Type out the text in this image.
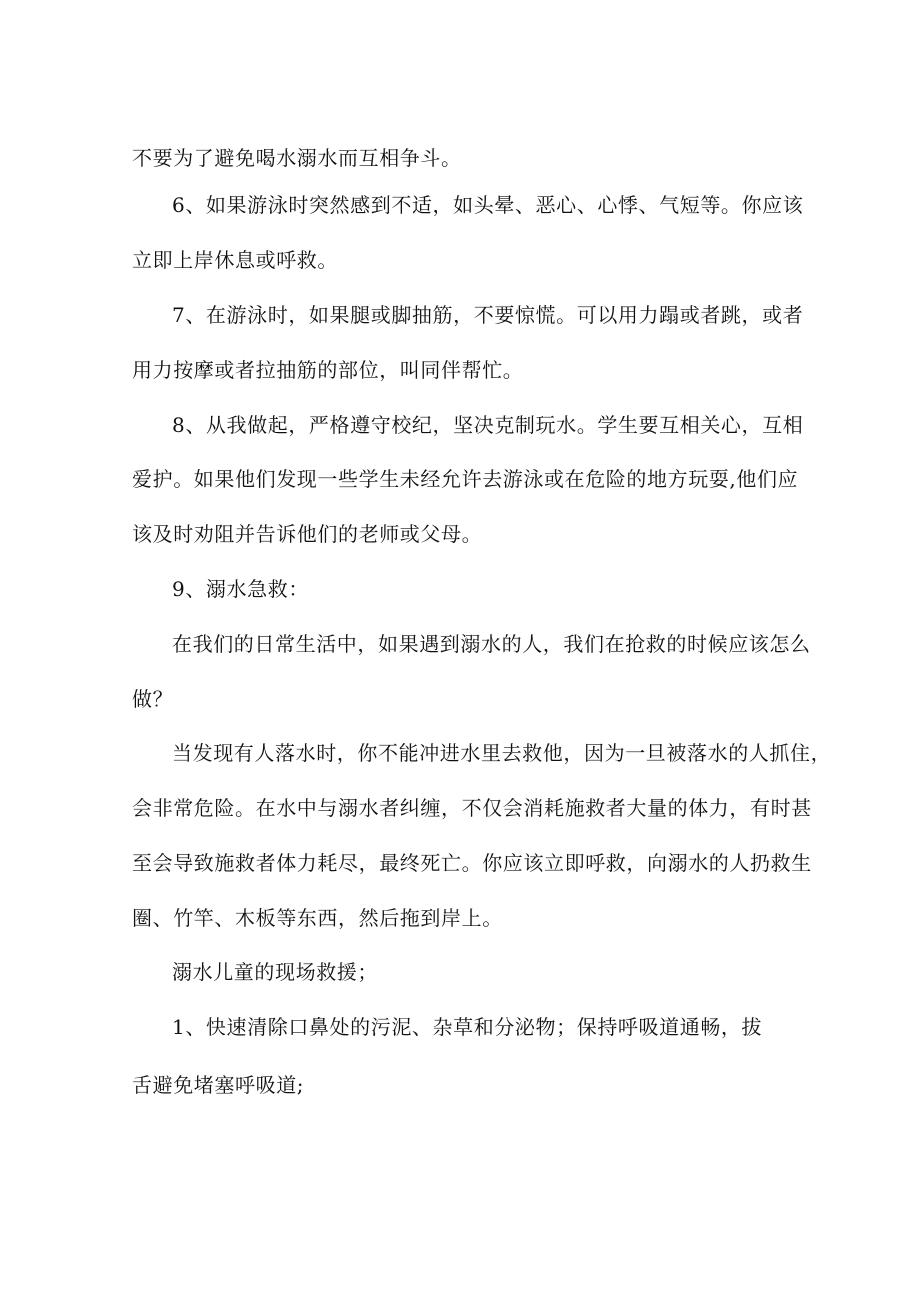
不要为了避免喝水溺水而互相争斗。
6、如果游泳时突然感到不适，如头晕、恶心、心悸、气短等。你应该
立即上岸休息或呼救。
7、在游泳时，如果腿或脚抽筋，不要惊慌。可以用力蹋或者跳，或者
用力按摩或者拉抽筋的部位，叫同伴帮忙。
8、从我做起，严格遵守校纪，坚决克制玩水。学生要互相关心，互相
爱护。如果他们发现一些学生未经允许去游泳或在危险的地方玩耍,他们应
该及时劝阻并告诉他们的老师或父母。
9、溺水急救：
在我们的日常生活中，如果遇到溺水的人，我们在抢救的时候应该怎么
做？
当发现有人落水时，你不能冲进水里去救他，因为一旦被落水的人抓住，
会非常危险。在水中与溺水者纠缠，不仅会消耗施救者大量的体力，有时甚
至会导致施救者体力耗尽，最终死亡。你应该立即呼救，向溺水的人扔救生
圈、竹竿、木板等东西，然后拖到岸上。
溺水儿童的现场救援；
1、快速清除口鼻处的污泥、杂草和分泌物；保持呼吸道通畅，拔
舌避免堵塞呼吸道;
